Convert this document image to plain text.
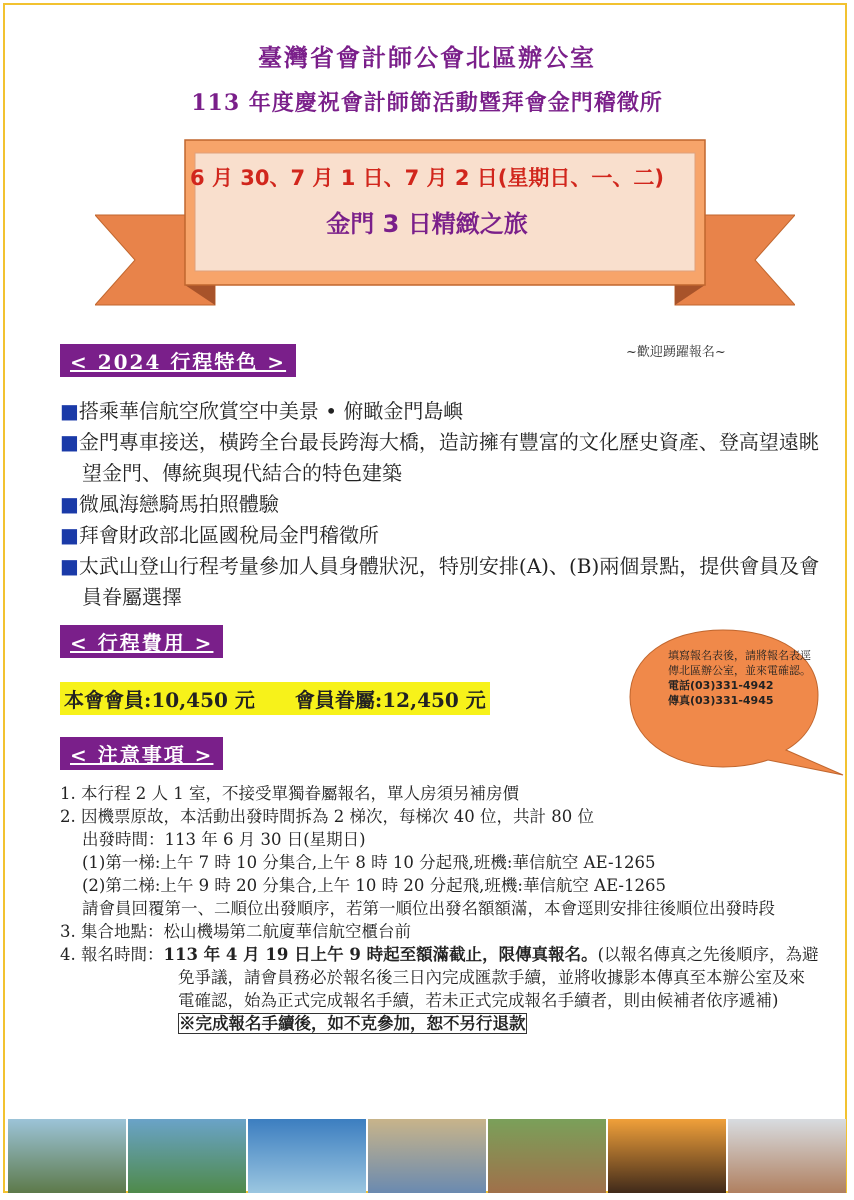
臺灣省會計師公會北區辦公室
113 年度慶祝會計師節活動暨拜會金門稽徵所
6 月 30、7 月 1 日、7 月 2 日(星期日、一、二)
金門 3 日精緻之旅
~歡迎踴躍報名~
< 2024 行程特色 >
■搭乘華信航空欣賞空中美景 • 俯瞰金門島嶼
■金門專車接送，橫跨全台最長跨海大橋，造訪擁有豐富的文化歷史資產、登高望遠眺望金門、傳統與現代結合的特色建築
■微風海戀騎馬拍照體驗
■拜會財政部北區國稅局金門稽徵所
■太武山登山行程考量參加人員身體狀況，特別安排(A)、(B)兩個景點，提供會員及會員眷屬選擇
< 行程費用 >
本會會員:10,450 元　　會員眷屬:12,450 元
填寫報名表後，請將報名表逕傳北區辦公室，並來電確認。
電話(03)331-4942
傳真(03)331-4945
< 注意事項 >
1. 本行程 2 人 1 室，不接受單獨眷屬報名，單人房須另補房價
2. 因機票原故，本活動出發時間拆為 2 梯次，每梯次 40 位，共計 80 位
出發時間：113 年 6 月 30 日(星期日)
(1)第一梯:上午 7 時 10 分集合,上午 8 時 10 分起飛,班機:華信航空 AE-1265
(2)第二梯:上午 9 時 20 分集合,上午 10 時 20 分起飛,班機:華信航空 AE-1265
請會員回覆第一、二順位出發順序，若第一順位出發名額額滿，本會逕則安排往後順位出發時段
3. 集合地點：松山機場第二航廈華信航空櫃台前
4. 報名時間：113 年 4 月 19 日上午 9 時起至額滿截止，限傳真報名。(以報名傳真之先後順序，為避免爭議，請會員務必於報名後三日內完成匯款手續，並將收據影本傳真至本辦公室及來電確認，始為正式完成報名手續，若未正式完成報名手續者，則由候補者依序遞補)
※完成報名手續後，如不克參加，恕不另行退款
